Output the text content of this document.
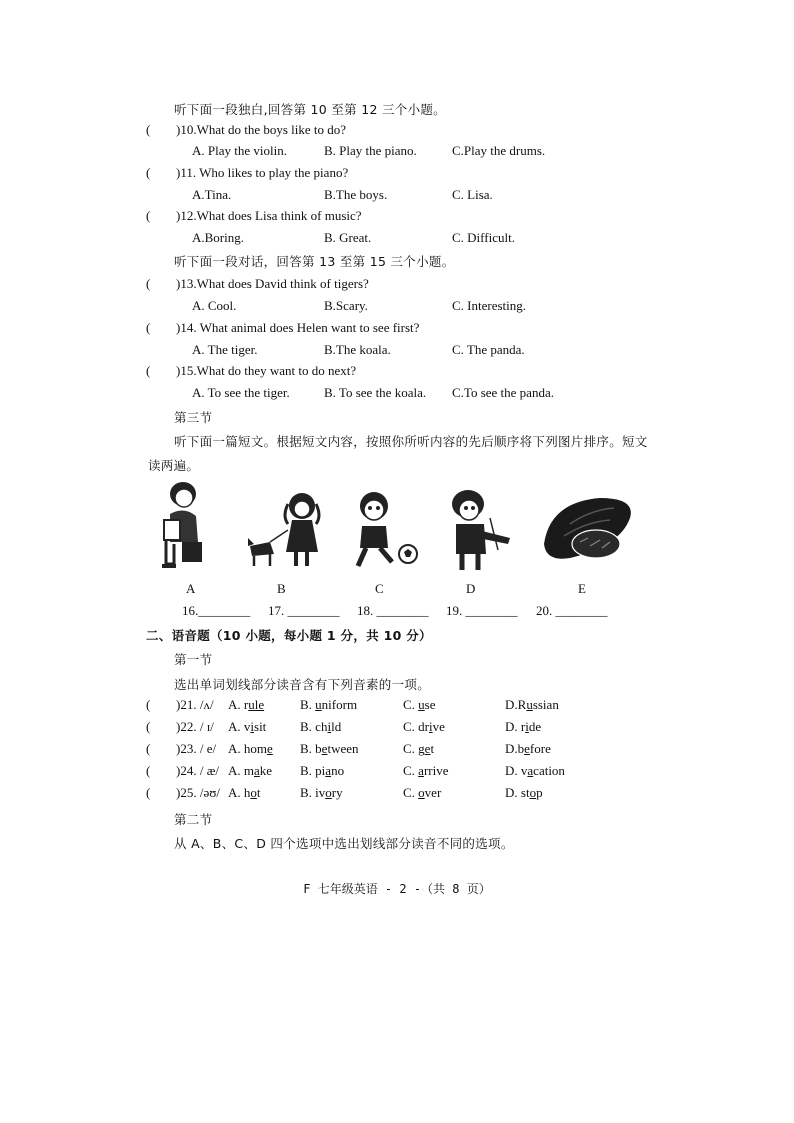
听下面一段独白,回答第 10 至第 12 三个小题。
( )10.What do the boys like to do?
A. Play the violin.	B. Play the piano.	C.Play the drums.
( )11. Who likes to play the piano?
A.Tina.	B.The boys.	C. Lisa.
( )12.What does Lisa think of music?
A.Boring.	B. Great.	C. Difficult.
听下面一段对话，回答第 13 至第 15 三个小题。
( )13.What does David think of tigers?
A. Cool.	B.Scary.	C. Interesting.
( )14. What animal does Helen want to see first?
A. The tiger.	B.The koala.	C. The panda.
( )15.What do they want to do next?
A. To see the tiger.	B. To see the koala. C.To see the panda.
第三节
听下面一篇短文。根据短文内容，按照你所听内容的先后顺序将下列图片排序。短文
读两遍。
A	B	C	D	E
16.________ 17. ________ 18. ________ 19. ________ 20. ________
二、语音题（10 小题，每小题 1 分，共 10 分）
第一节
选出单词划线部分读音含有下列音素的一项。
( )21. /ʌ/ A. rule	B. uniform	C. use	D.Russian
( )22. / ɪ/ A. visit	B. child	C. drive	D. ride
( )23. / e/ A. home B. between	C. get	D.before
( )24. / æ/ A. make B. piano	C. arrive	D. vacation
( )25. /əʊ/ A. hot	B. ivory	C. over	D. stop
第二节
从 A、B、C、D 四个选项中选出划线部分读音不同的选项。
F 七年级英语 - 2 -（共 8 页）
